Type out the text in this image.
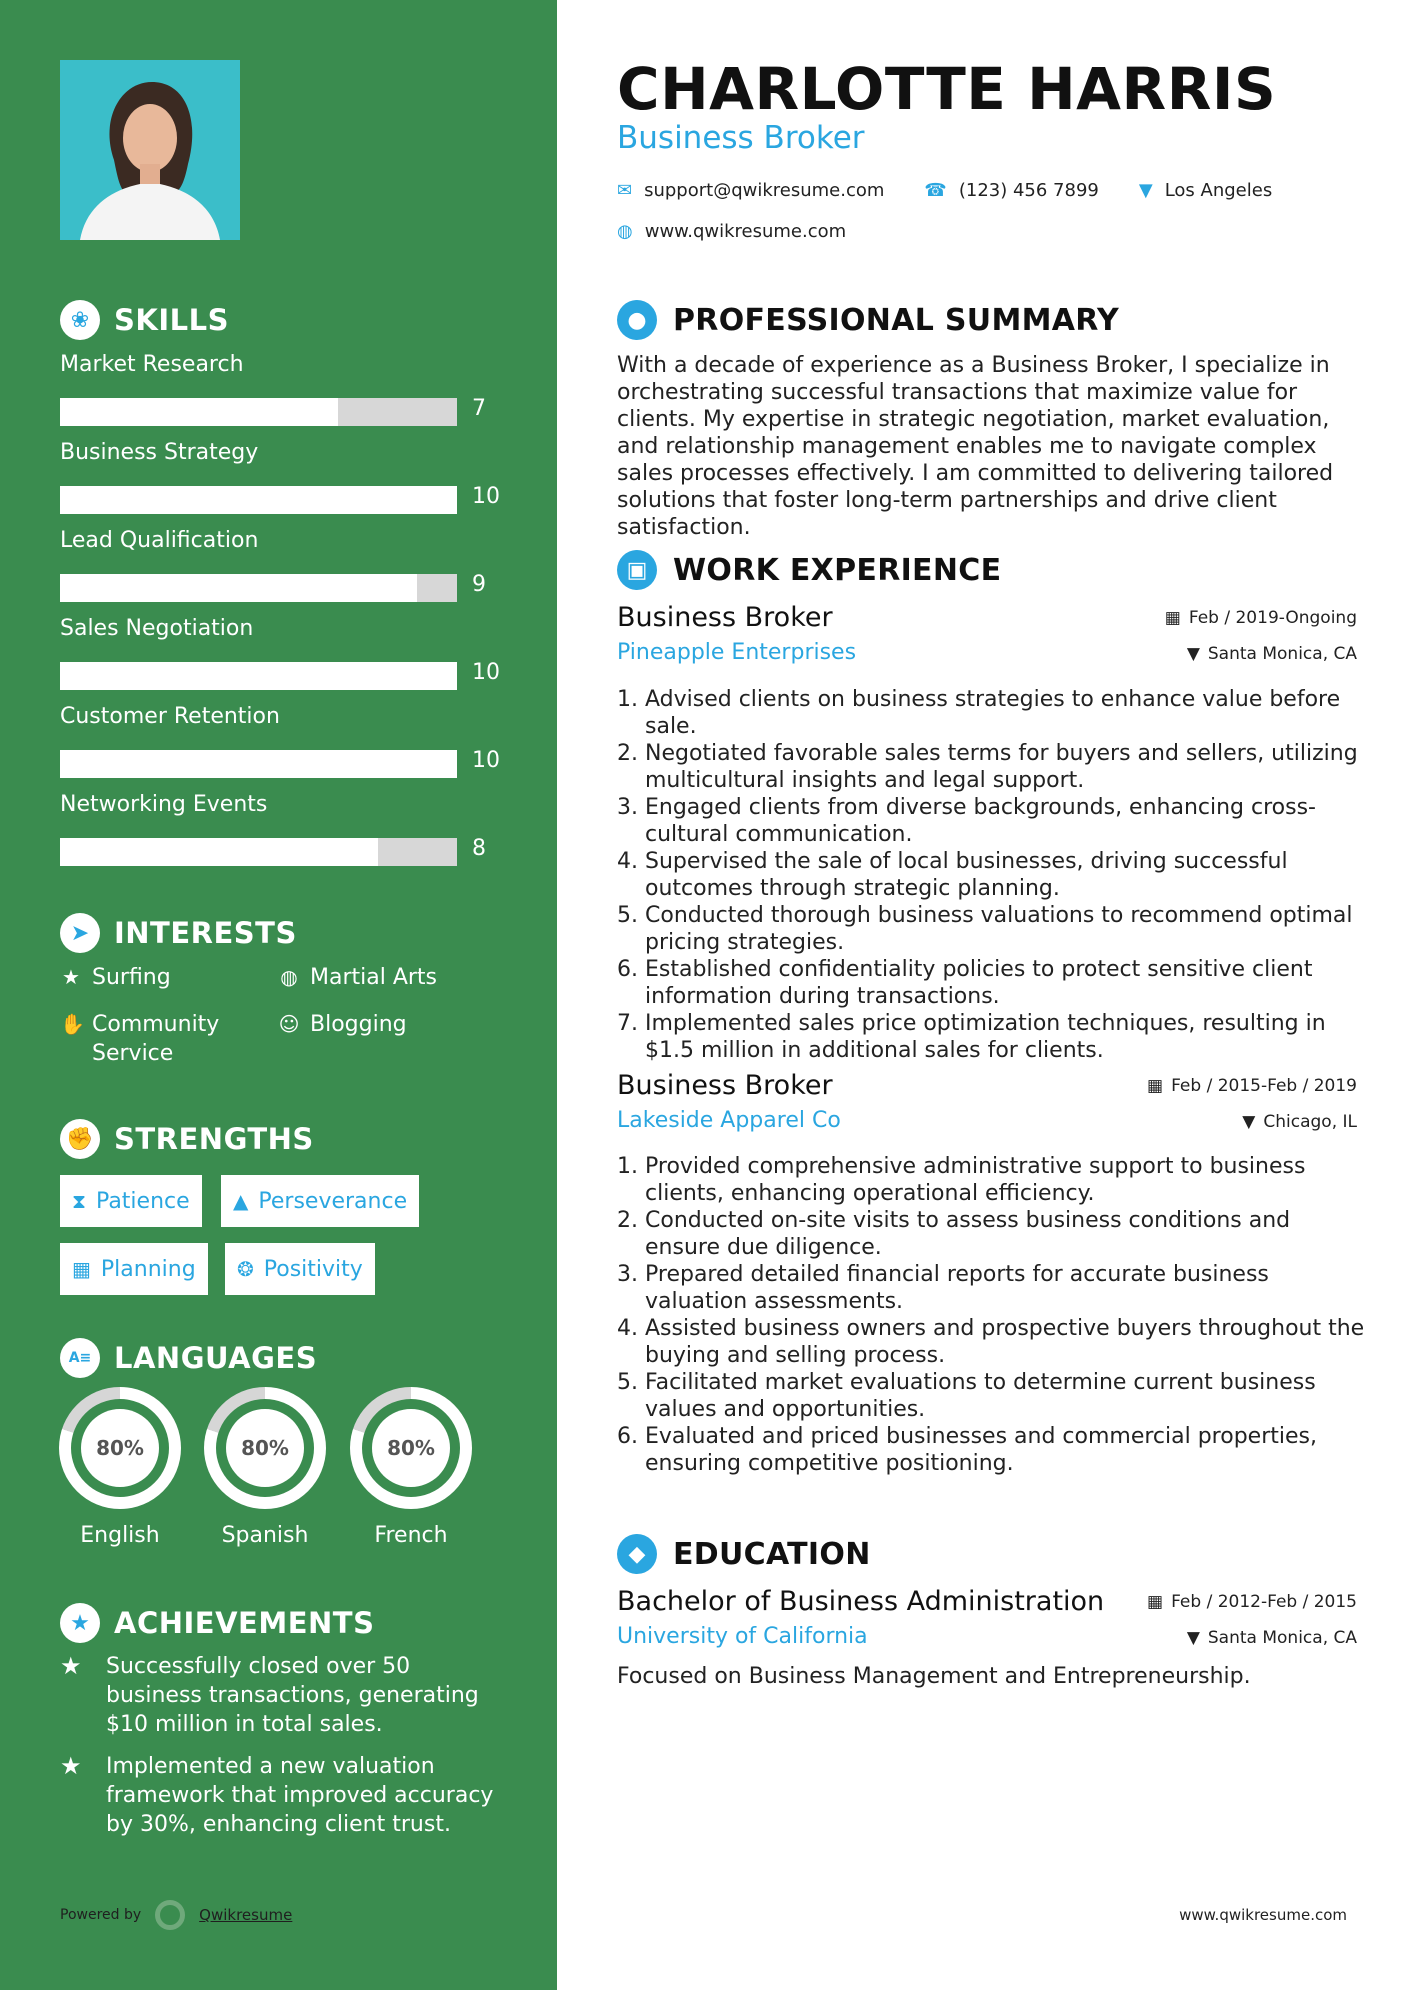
❀ SKILLS
Market Research
7
Business Strategy
10
Lead Qualification
9
Sales Negotiation
10
Customer Retention
10
Networking Events
8
➤ INTERESTS
★ Surfing	◍ Martial Arts
✋ Community Service
☺ Blogging
✊ STRENGTHS
⧗ Patience ▲ Perseverance
▦ Planning ❂ Positivity
A≡ LANGUAGES
80%
English
80%
Spanish
80%
French
★ ACHIEVEMENTS
★	Successfully closed over 50 business transactions, generating $10 million in total sales.
★	Implemented a new valuation framework that improved accuracy by 30%, enhancing client trust.
Powered by	Qwikresume
CHARLOTTE HARRIS
Business Broker
✉ support@qwikresume.com ☎ (123) 456 7899 ▼ Los Angeles
◍ www.qwikresume.com
● PROFESSIONAL SUMMARY
With a decade of experience as a Business Broker, I specialize in orchestrating successful transactions that maximize value for clients. My expertise in strategic negotiation, market evaluation, and relationship management enables me to navigate complex sales processes effectively. I am committed to delivering tailored solutions that foster long-term partnerships and drive client satisfaction.
▣ WORK EXPERIENCE
Business Broker
Pineapple Enterprises
▦ Feb / 2019-Ongoing
▼ Santa Monica, CA
1. Advised clients on business strategies to enhance value before sale.
2. Negotiated favorable sales terms for buyers and sellers, utilizing multicultural insights and legal support.
3. Engaged clients from diverse backgrounds, enhancing cross-cultural communication.
4. Supervised the sale of local businesses, driving successful outcomes through strategic planning.
5. Conducted thorough business valuations to recommend optimal pricing strategies.
6. Established confidentiality policies to protect sensitive client information during transactions.
7. Implemented sales price optimization techniques, resulting in $1.5 million in additional sales for clients.
Business Broker
Lakeside Apparel Co
▦ Feb / 2015-Feb / 2019
▼ Chicago, IL
1. Provided comprehensive administrative support to business clients, enhancing operational efficiency.
2. Conducted on-site visits to assess business conditions and ensure due diligence.
3. Prepared detailed financial reports for accurate business valuation assessments.
4. Assisted business owners and prospective buyers throughout the buying and selling process.
5. Facilitated market evaluations to determine current business values and opportunities.
6. Evaluated and priced businesses and commercial properties, ensuring competitive positioning.
◆ EDUCATION
Bachelor of Business Administration
University of California
▦ Feb / 2012-Feb / 2015
▼ Santa Monica, CA
Focused on Business Management and Entrepreneurship.
www.qwikresume.com
